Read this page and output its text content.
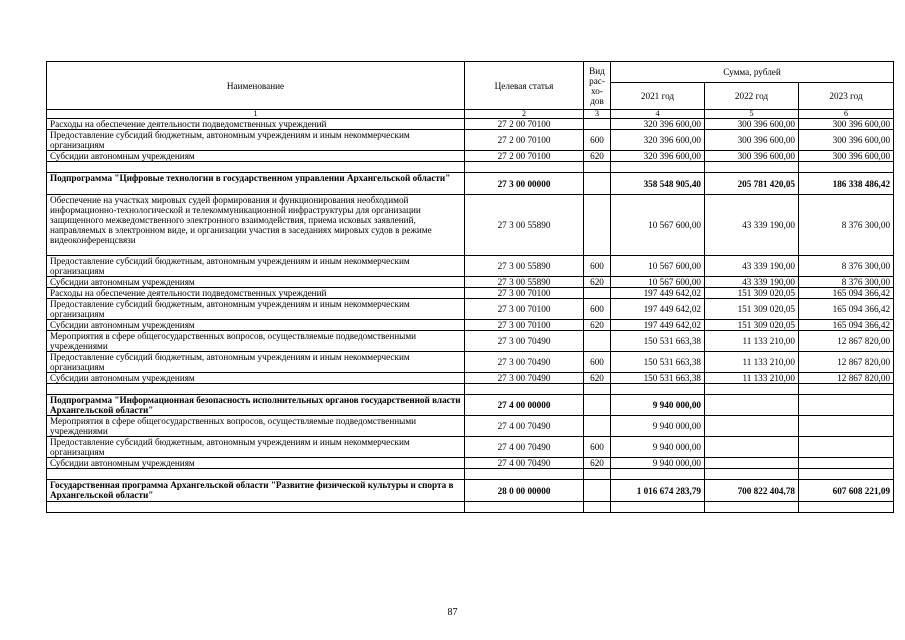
Наименование	Целевая статья	Вид рас-хо-дов	Сумма, рублей		
			2021 год	2022 год	2023 год
1	2	3	4	5	6
Расходы на обеспечение деятельности подведомственных учреждений	27 2 00 70100		320 396 600,00	300 396 600,00	300 396 600,00
Предоставление субсидий бюджетным, автономным учреждениям и иным некоммерческим организациям	27 2 00 70100	600	320 396 600,00	300 396 600,00	300 396 600,00
Субсидии автономным учреждениям	27 2 00 70100	620	320 396 600,00	300 396 600,00	300 396 600,00

Подпрограмма "Цифровые технологии в государственном управлении Архангельской области"	27 3 00 00000		358 548 905,40	205 781 420,05	186 338 486,42
Обеспечение на участках мировых судей формирования и функционирования необходимой информационно-технологической и телекоммуникационной инфраструктуры для организации защищенного межведомственного электронного взаимодействия, приема исковых заявлений, направляемых в электронном виде, и организации участия в заседаниях мировых судов в режиме видеоконференцсвязи	27 3 00 55890		10 567 600,00	43 339 190,00	8 376 300,00
Предоставление субсидий бюджетным, автономным учреждениям и иным некоммерческим организациям	27 3 00 55890	600	10 567 600,00	43 339 190,00	8 376 300,00
Субсидии автономным учреждениям	27 3 00 55890	620	10 567 600,00	43 339 190,00	8 376 300,00
Расходы на обеспечение деятельности подведомственных учреждений	27 3 00 70100		197 449 642,02	151 309 020,05	165 094 366,42
Предоставление субсидий бюджетным, автономным учреждениям и иным некоммерческим организациям	27 3 00 70100	600	197 449 642,02	151 309 020,05	165 094 366,42
Субсидии автономным учреждениям	27 3 00 70100	620	197 449 642,02	151 309 020,05	165 094 366,42
Мероприятия в сфере общегосударственных вопросов, осуществляемые подведомственными учреждениями	27 3 00 70490		150 531 663,38	11 133 210,00	12 867 820,00
Предоставление субсидий бюджетным, автономным учреждениям и иным некоммерческим организациям	27 3 00 70490	600	150 531 663,38	11 133 210,00	12 867 820,00
Субсидии автономным учреждениям	27 3 00 70490	620	150 531 663,38	11 133 210,00	12 867 820,00

Подпрограмма "Информационная безопасность исполнительных органов государственной власти Архангельской области"	27 4 00 00000		9 940 000,00		
Мероприятия в сфере общегосударственных вопросов, осуществляемые подведомственными учреждениями	27 4 00 70490		9 940 000,00		
Предоставление субсидий бюджетным, автономным учреждениям и иным некоммерческим организациям	27 4 00 70490	600	9 940 000,00		
Субсидии автономным учреждениям	27 4 00 70490	620	9 940 000,00		

Государственная программа Архангельской области "Развитие физической культуры и спорта в Архангельской области"	28 0 00 00000		1 016 674 283,79	700 822 404,78	607 608 221,09

87
